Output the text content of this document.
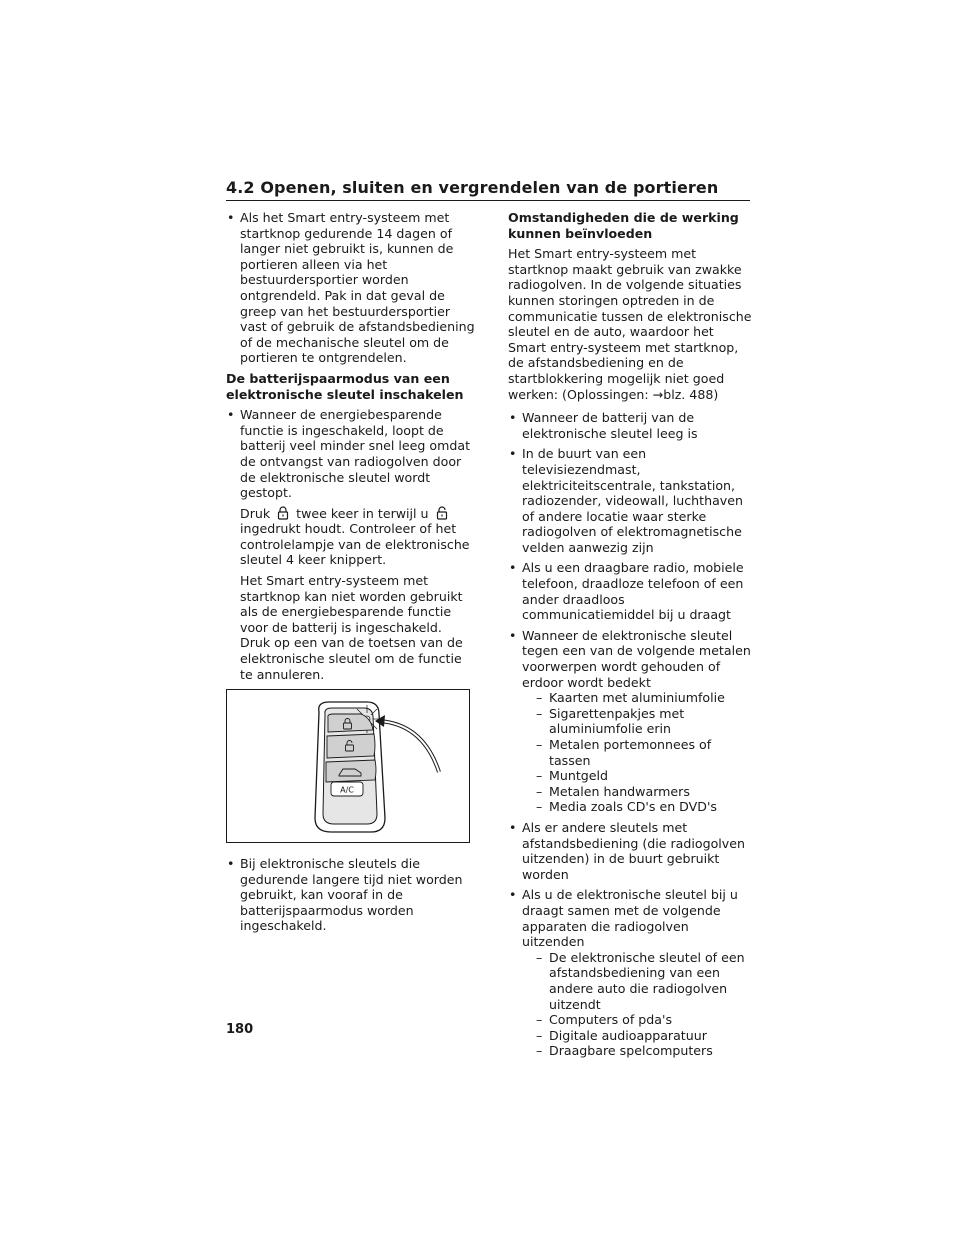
4.2 Openen, sluiten en vergrendelen van de portieren
• Als het Smart entry-systeem met startknop gedurende 14 dagen of langer niet gebruikt is, kunnen de portieren alleen via het bestuurdersportier worden ontgrendeld. Pak in dat geval de greep van het bestuurdersportier vast of gebruik de afstandsbediening of de mechanische sleutel om de portieren te ontgrendelen.
De batterijspaarmodus van een elektronische sleutel inschakelen
• Wanneer de energiebesparende functie is ingeschakeld, loopt de batterij veel minder snel leeg omdat de ontvangst van radiogolven door de elektronische sleutel wordt gestopt.
Druk twee keer in terwijl u ingedrukt houdt. Controleer of het controlelampje van de elektronische sleutel 4 keer knippert.
Het Smart entry-systeem met startknop kan niet worden gebruikt als de energiebesparende functie voor de batterij is ingeschakeld. Druk op een van de toetsen van de elektronische sleutel om de functie te annuleren.
A/C
• Bij elektronische sleutels die gedurende langere tijd niet worden gebruikt, kan vooraf in de batterijspaarmodus worden ingeschakeld.
Omstandigheden die de werking kunnen beïnvloeden
Het Smart entry-systeem met startknop maakt gebruik van zwakke radiogolven. In de volgende situaties kunnen storingen optreden in de communicatie tussen de elektronische sleutel en de auto, waardoor het Smart entry-systeem met startknop, de afstandsbediening en de startblokkering mogelijk niet goed werken: (Oplossingen: →blz. 488)
• Wanneer de batterij van de elektronische sleutel leeg is
• In de buurt van een televisiezendmast, elektriciteitscentrale, tankstation, radiozender, videowall, luchthaven of andere locatie waar sterke radiogolven of elektromagnetische velden aanwezig zijn
• Als u een draagbare radio, mobiele telefoon, draadloze telefoon of een ander draadloos communicatiemiddel bij u draagt
• Wanneer de elektronische sleutel tegen een van de volgende metalen voorwerpen wordt gehouden of erdoor wordt bedekt
– Kaarten met aluminiumfolie
– Sigarettenpakjes met aluminiumfolie erin
– Metalen portemonnees of tassen
– Muntgeld
– Metalen handwarmers
– Media zoals CD's en DVD's
• Als er andere sleutels met afstandsbediening (die radiogolven uitzenden) in de buurt gebruikt worden
• Als u de elektronische sleutel bij u draagt samen met de volgende apparaten die radiogolven uitzenden
– De elektronische sleutel of een afstandsbediening van een andere auto die radiogolven uitzendt
– Computers of pda's
– Digitale audioapparatuur
– Draagbare spelcomputers
180
